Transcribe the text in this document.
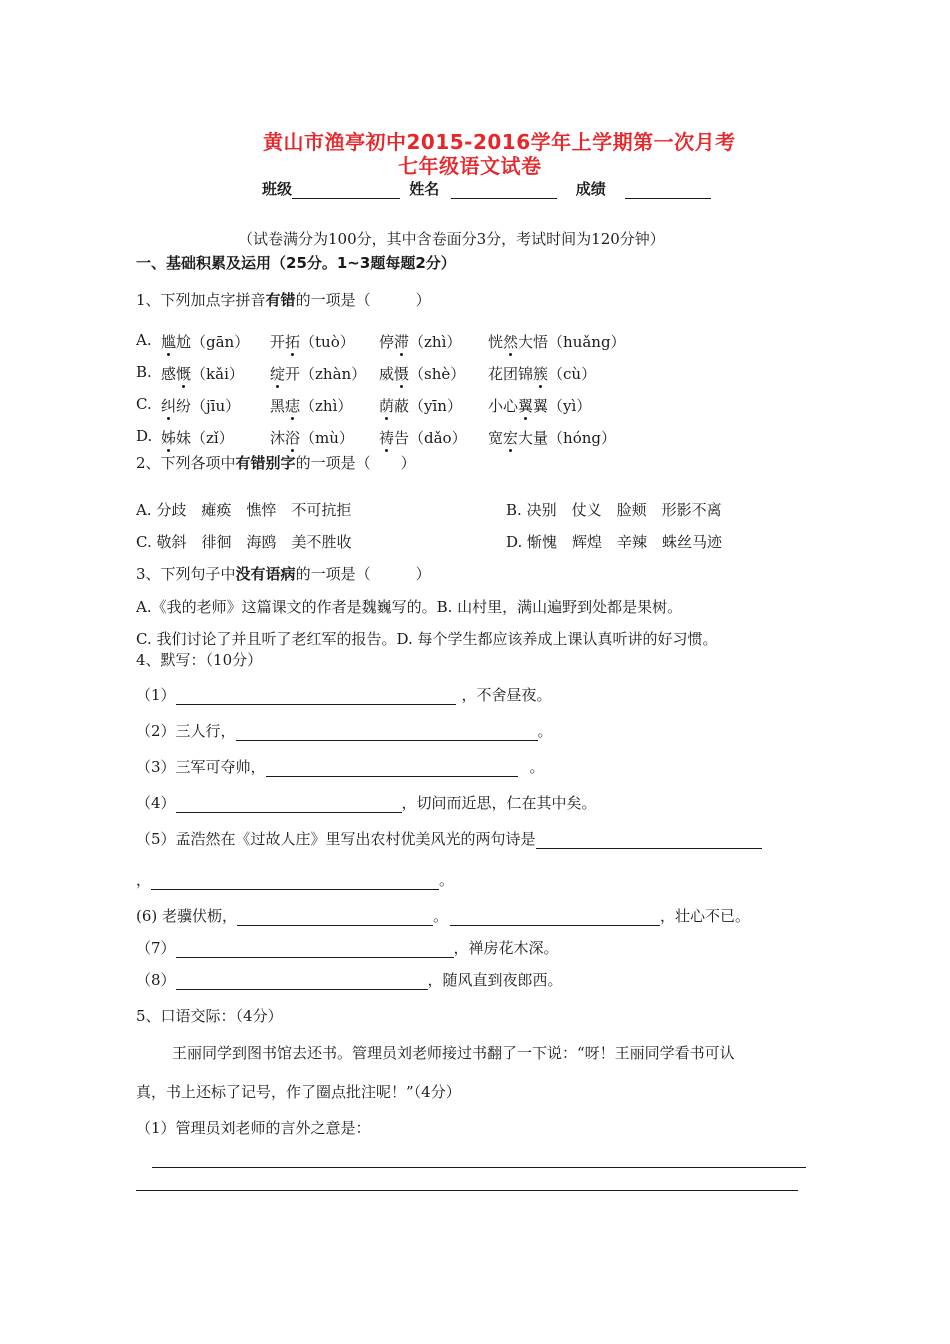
黄山市渔亭初中2015-2016学年上学期第一次月考
七年级语文试卷
班级	姓名	成绩
（试卷满分为100分，其中含卷面分3分，考试时间为120分钟）
一、基础积累及运用（25分。1~3题每题2分）
1、下列加点字拼音有错的一项是（　　　）
A. 尴尬（gān） 开拓（tuò） 停滞（zhì） 恍然大悟（huǎng）
B. 感慨（kǎi） 绽开（zhàn） 威慑（shè） 花团锦簇（cù）
C. 纠纷（jīu） 黑痣（zhì） 荫蔽（yīn） 小心翼翼（yì）
D. 姊妹（zǐ） 沐浴（mù） 祷告（dǎo） 宽宏大量（hóng）
2、下列各项中有错别字的一项是（　　）
A. 分歧　瘫痪　憔悴　不可抗拒	B. 决别　仗义　脸颊　形影不离
C. 敬斜　徘徊　海鸥　美不胜收	D. 惭愧　辉煌　辛辣　蛛丝马迹
3、下列句子中没有语病的一项是（　　　）
A.《我的老师》这篇课文的作者是魏巍写的。B. 山村里，满山遍野到处都是果树。
C. 我们讨论了并且听了老红军的报告。D. 每个学生都应该养成上课认真听讲的好习惯。
4、默写：（10分）
（1）	，不舍昼夜。
（2）三人行，	。
（3）三军可夺帅，	。
（4）	，切问而近思，仁在其中矣。
（5）孟浩然在《过故人庄》里写出农村优美风光的两句诗是
，	。
(6) 老骥伏枥，	。	，壮心不已。
（7）	，禅房花木深。
（8）	，随风直到夜郎西。
5、口语交际：（4分）
王丽同学到图书馆去还书。管理员刘老师接过书翻了一下说：“呀！王丽同学看书可认
真，书上还标了记号，作了圈点批注呢！”（4分）
（1）管理员刘老师的言外之意是：
